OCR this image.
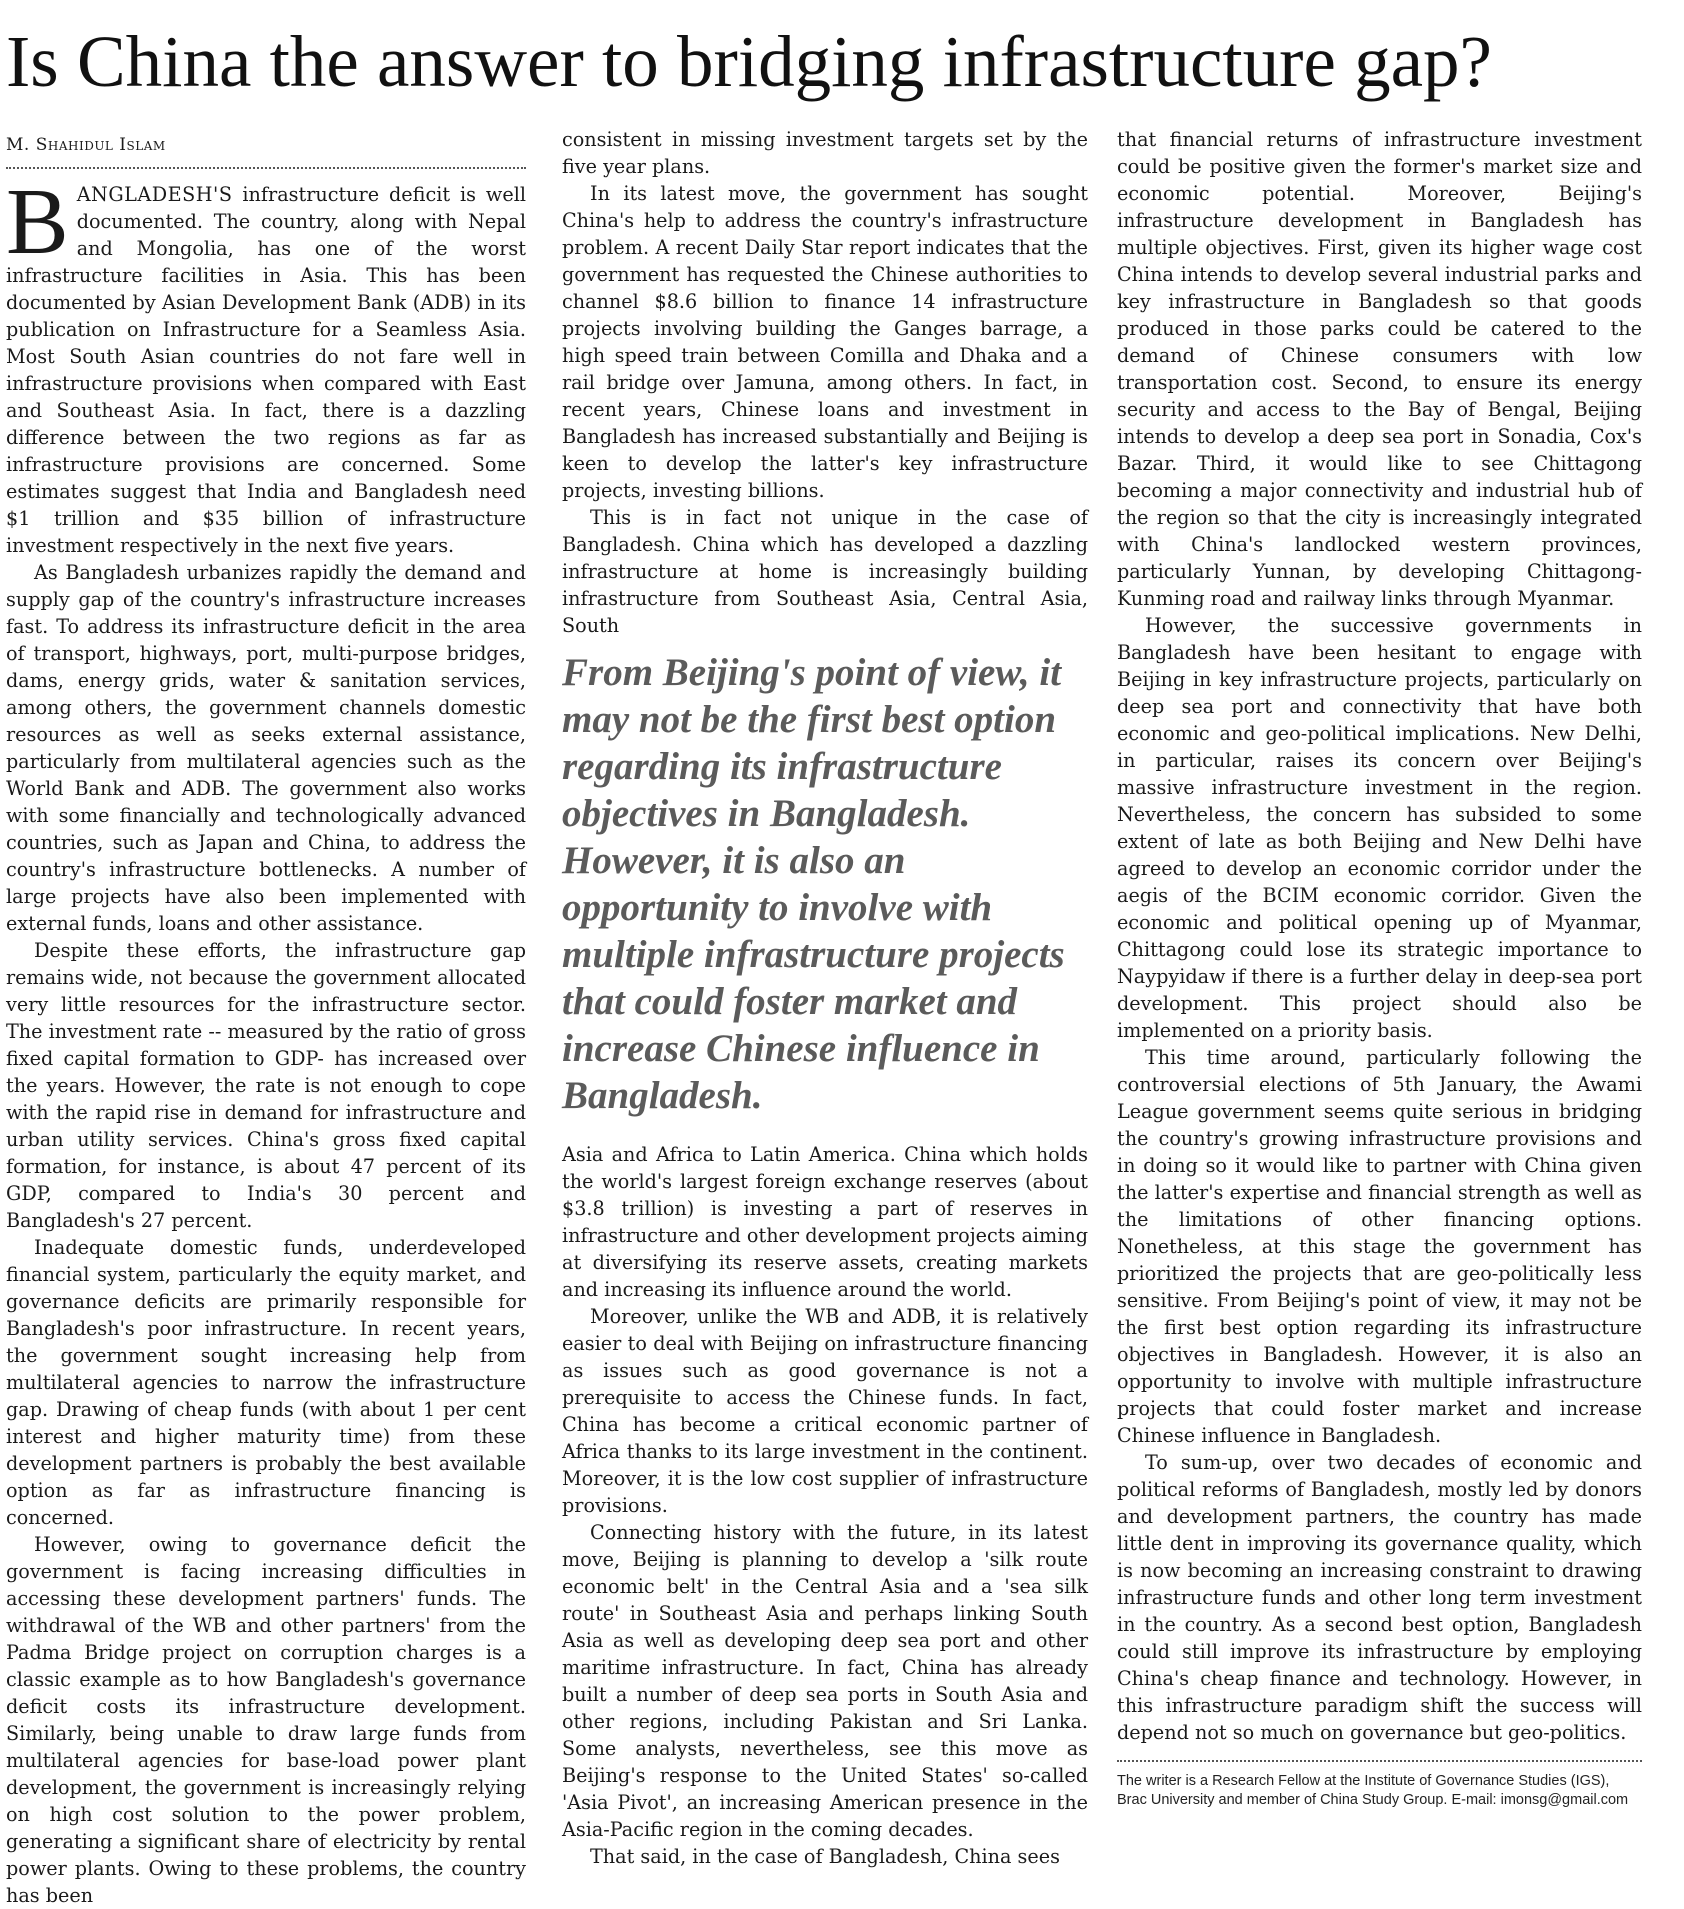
Is China the answer to bridging infrastructure gap?
M. Shahidul Islam

BANGLADESH'S infrastructure deficit is well documented. The country, along with Nepal and Mongolia, has one of the worst infrastructure facilities in Asia. This has been documented by Asian Development Bank (ADB) in its publication on Infrastructure for a Seamless Asia. Most South Asian countries do not fare well in infrastructure provisions when compared with East and Southeast Asia. In fact, there is a dazzling difference between the two regions as far as infrastructure provisions are concerned. Some estimates suggest that India and Bangladesh need $1 trillion and $35 billion of infrastructure investment respectively in the next five years.

As Bangladesh urbanizes rapidly the demand and supply gap of the country's infrastructure increases fast. To address its infrastructure deficit in the area of transport, highways, port, multi-purpose bridges, dams, energy grids, water & sanitation services, among others, the government channels domestic resources as well as seeks external assistance, particularly from multilateral agencies such as the World Bank and ADB. The government also works with some financially and technologically advanced countries, such as Japan and China, to address the country's infrastructure bottlenecks. A number of large projects have also been implemented with external funds, loans and other assistance.

Despite these efforts, the infrastructure gap remains wide, not because the government allocated very little resources for the infrastructure sector. The investment rate -- measured by the ratio of gross fixed capital formation to GDP- has increased over the years. However, the rate is not enough to cope with the rapid rise in demand for infrastructure and urban utility services. China's gross fixed capital formation, for instance, is about 47 percent of its GDP, compared to India's 30 percent and Bangladesh's 27 percent.

Inadequate domestic funds, underdeveloped financial system, particularly the equity market, and governance deficits are primarily responsible for Bangladesh's poor infrastructure. In recent years, the government sought increasing help from multilateral agencies to narrow the infrastructure gap. Drawing of cheap funds (with about 1 per cent interest and higher maturity time) from these development partners is probably the best available option as far as infrastructure financing is concerned.

However, owing to governance deficit the government is facing increasing difficulties in accessing these development partners' funds. The withdrawal of the WB and other partners' from the Padma Bridge project on corruption charges is a classic example as to how Bangladesh's governance deficit costs its infrastructure development. Similarly, being unable to draw large funds from multilateral agencies for base-load power plant development, the government is increasingly relying on high cost solution to the power problem, generating a significant share of electricity by rental power plants. Owing to these problems, the country has been

consistent in missing investment targets set by the five year plans.

In its latest move, the government has sought China's help to address the country's infrastructure problem. A recent Daily Star report indicates that the government has requested the Chinese authorities to channel $8.6 billion to finance 14 infrastructure projects involving building the Ganges barrage, a high speed train between Comilla and Dhaka and a rail bridge over Jamuna, among others. In fact, in recent years, Chinese loans and investment in Bangladesh has increased substantially and Beijing is keen to develop the latter's key infrastructure projects, investing billions.

This is in fact not unique in the case of Bangladesh. China which has developed a dazzling infrastructure at home is increasingly building infrastructure from Southeast Asia, Central Asia, South

From Beijing's point of view, it may not be the first best option regarding its infrastructure objectives in Bangladesh. However, it is also an opportunity to involve with multiple infrastructure projects that could foster market and increase Chinese influence in Bangladesh.

Asia and Africa to Latin America. China which holds the world's largest foreign exchange reserves (about $3.8 trillion) is investing a part of reserves in infrastructure and other development projects aiming at diversifying its reserve assets, creating markets and increasing its influence around the world.

Moreover, unlike the WB and ADB, it is relatively easier to deal with Beijing on infrastructure financing as issues such as good governance is not a prerequisite to access the Chinese funds. In fact, China has become a critical economic partner of Africa thanks to its large investment in the continent. Moreover, it is the low cost supplier of infrastructure provisions.

Connecting history with the future, in its latest move, Beijing is planning to develop a 'silk route economic belt' in the Central Asia and a 'sea silk route' in Southeast Asia and perhaps linking South Asia as well as developing deep sea port and other maritime infrastructure. In fact, China has already built a number of deep sea ports in South Asia and other regions, including Pakistan and Sri Lanka. Some analysts, nevertheless, see this move as Beijing's response to the United States' so-called 'Asia Pivot', an increasing American presence in the Asia-Pacific region in the coming decades.

That said, in the case of Bangladesh, China sees

that financial returns of infrastructure investment could be positive given the former's market size and economic potential. Moreover, Beijing's infrastructure development in Bangladesh has multiple objectives. First, given its higher wage cost China intends to develop several industrial parks and key infrastructure in Bangladesh so that goods produced in those parks could be catered to the demand of Chinese consumers with low transportation cost. Second, to ensure its energy security and access to the Bay of Bengal, Beijing intends to develop a deep sea port in Sonadia, Cox's Bazar. Third, it would like to see Chittagong becoming a major connectivity and industrial hub of the region so that the city is increasingly integrated with China's landlocked western provinces, particularly Yunnan, by developing Chittagong-Kunming road and railway links through Myanmar.

However, the successive governments in Bangladesh have been hesitant to engage with Beijing in key infrastructure projects, particularly on deep sea port and connectivity that have both economic and geo-political implications. New Delhi, in particular, raises its concern over Beijing's massive infrastructure investment in the region. Nevertheless, the concern has subsided to some extent of late as both Beijing and New Delhi have agreed to develop an economic corridor under the aegis of the BCIM economic corridor. Given the economic and political opening up of Myanmar, Chittagong could lose its strategic importance to Naypyidaw if there is a further delay in deep-sea port development. This project should also be implemented on a priority basis.

This time around, particularly following the controversial elections of 5th January, the Awami League government seems quite serious in bridging the country's growing infrastructure provisions and in doing so it would like to partner with China given the latter's expertise and financial strength as well as the limitations of other financing options. Nonetheless, at this stage the government has prioritized the projects that are geo-politically less sensitive. From Beijing's point of view, it may not be the first best option regarding its infrastructure objectives in Bangladesh. However, it is also an opportunity to involve with multiple infrastructure projects that could foster market and increase Chinese influence in Bangladesh.

To sum-up, over two decades of economic and political reforms of Bangladesh, mostly led by donors and development partners, the country has made little dent in improving its governance quality, which is now becoming an increasing constraint to drawing infrastructure funds and other long term investment in the country. As a second best option, Bangladesh could still improve its infrastructure by employing China's cheap finance and technology. However, in this infrastructure paradigm shift the success will depend not so much on governance but geo-politics.

The writer is a Research Fellow at the Institute of Governance Studies (IGS), Brac University and member of China Study Group. E-mail: imonsg@gmail.com
